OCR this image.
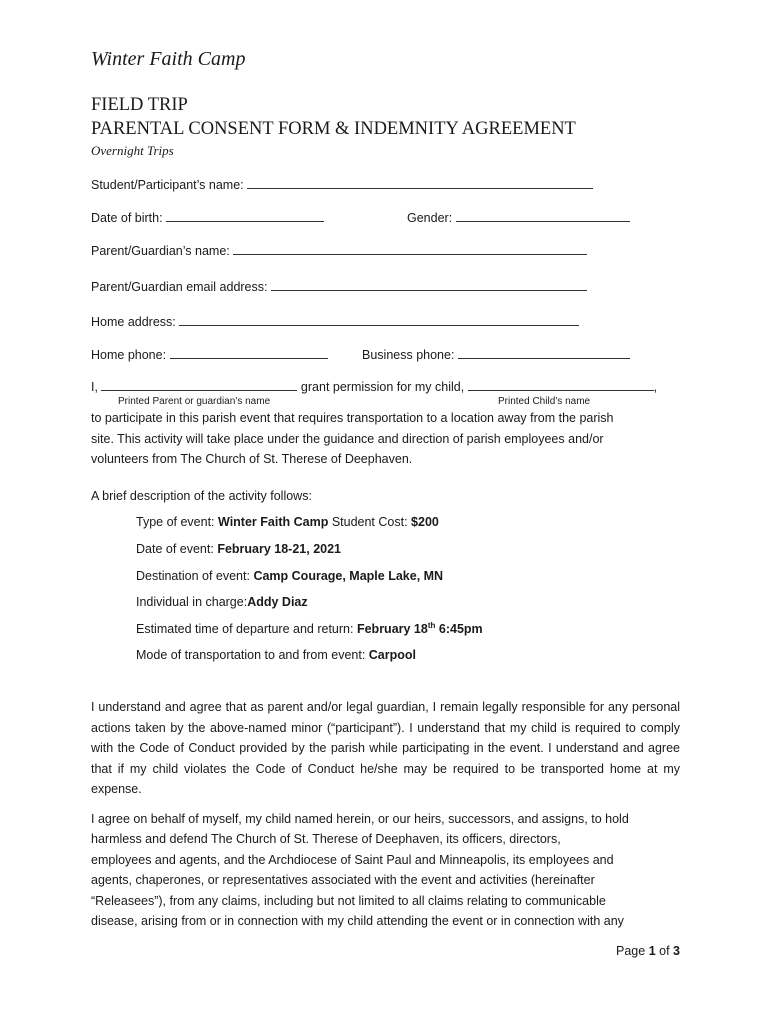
Winter Faith Camp
FIELD TRIP
PARENTAL CONSENT FORM & INDEMNITY AGREEMENT
Overnight Trips
Student/Participant’s name:
Date of birth:	Gender:
Parent/Guardian’s name:
Parent/Guardian email address:
Home address:
Home phone:	Business phone:
I,	grant permission for my child,	,
Printed Parent or guardian’s name	Printed Child’s name
to participate in this parish event that requires transportation to a location away from the parish site. This activity will take place under the guidance and direction of parish employees and/or volunteers from The Church of St. Therese of Deephaven.
A brief description of the activity follows:
Type of event: Winter Faith Camp Student Cost: $200
Date of event: February 18-21, 2021
Destination of event: Camp Courage, Maple Lake, MN
Individual in charge:Addy Diaz
Estimated time of departure and return: February 18th 6:45pm
Mode of transportation to and from event: Carpool
I understand and agree that as parent and/or legal guardian, I remain legally responsible for any personal actions taken by the above-named minor (“participant”). I understand that my child is required to comply with the Code of Conduct provided by the parish while participating in the event. I understand and agree that if my child violates the Code of Conduct he/she may be required to be transported home at my expense.
I agree on behalf of myself, my child named herein, or our heirs, successors, and assigns, to hold
harmless and defend The Church of St. Therese of Deephaven, its officers, directors,
employees and agents, and the Archdiocese of Saint Paul and Minneapolis, its employees and
agents, chaperones, or representatives associated with the event and activities (hereinafter
“Releasees”), from any claims, including but not limited to all claims relating to communicable
disease, arising from or in connection with my child attending the event or in connection with any
Page 1 of 3
